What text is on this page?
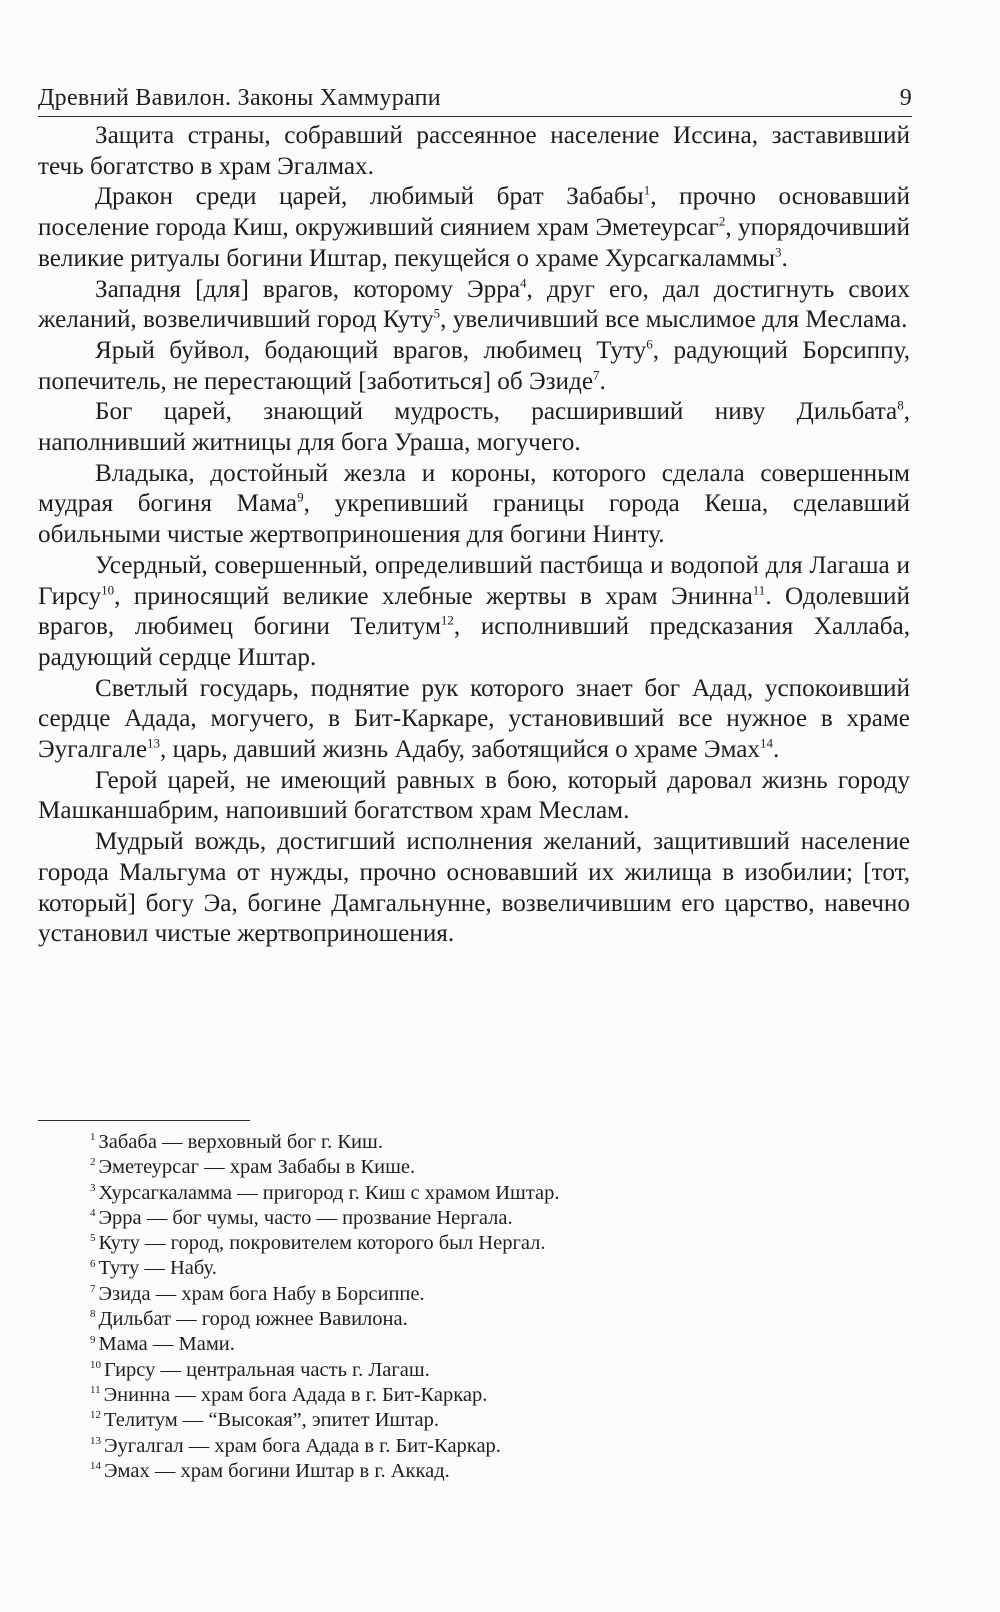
Древний Вавилон. Законы Хаммурапи	9

Защита страны, собравший рассеянное население Иссина, заставивший течь богатство в храм Эгалмах.

Дракон среди царей, любимый брат Забабы$^1$, прочно основавший поселение города Киш, окруживший сиянием храм Эметеурсаг$^2$, упорядочивший великие ритуалы богини Иштар, пекущейся о храме Хурсагкаламмы$^3$.

Западня [для] врагов, которому Эрра$^4$, друг его, дал достигнуть своих желаний, возвеличивший город Куту$^5$, увеличивший все мыслимое для Меслама.

Ярый буйвол, бодающий врагов, любимец Туту$^6$, радующий Борсиппу, попечитель, не перестающий [заботиться] об Эзиде$^7$.

Бог царей, знающий мудрость, расширивший ниву Дильбата$^8$, наполнивший житницы для бога Ураша, могучего.

Владыка, достойный жезла и короны, которого сделала совершенным мудрая богиня Мама$^9$, укрепивший границы города Кеша, сделавший обильными чистые жертвоприношения для богини Нинту.

Усердный, совершенный, определивший пастбища и водопой для Лагаша и Гирсу$^{10}$, приносящий великие хлебные жертвы в храм Энинна$^{11}$. Одолевший врагов, любимец богини Телитум$^{12}$, исполнивший предсказания Халлаба, радующий сердце Иштар.

Светлый государь, поднятие рук которого знает бог Адад, успокоивший сердце Адада, могучего, в Бит-Каркаре, установивший все нужное в храме Эугалгале$^{13}$, царь, давший жизнь Адабу, заботящийся о храме Эмах$^{14}$.

Герой царей, не имеющий равных в бою, который даровал жизнь городу Машканшабрим, напоивший богатством храм Меслам.

Мудрый вождь, достигший исполнения желаний, защитивший население города Мальгума от нужды, прочно основавший их жилища в изобилии; [тот, который] богу Эа, богине Дамгальнунне, возвеличившим его царство, навечно установил чистые жертвоприношения.

$^1$ Забаба — верховный бог г. Киш.
$^2$ Эметеурсаг — храм Забабы в Кише.
$^3$ Хурсагкаламма — пригород г. Киш с храмом Иштар.
$^4$ Эрра — бог чумы, часто — прозвание Нергала.
$^5$ Куту — город, покровителем которого был Нергал.
$^6$ Туту — Набу.
$^7$ Эзида — храм бога Набу в Борсиппе.
$^8$ Дильбат — город южнее Вавилона.
$^9$ Мама — Мами.
$^{10}$ Гирсу — центральная часть г. Лагаш.
$^{11}$ Энинна — храм бога Адада в г. Бит-Каркар.
$^{12}$ Телитум — “Высокая”, эпитет Иштар.
$^{13}$ Эугалгал — храм бога Адада в г. Бит-Каркар.
$^{14}$ Эмах — храм богини Иштар в г. Аккад.
